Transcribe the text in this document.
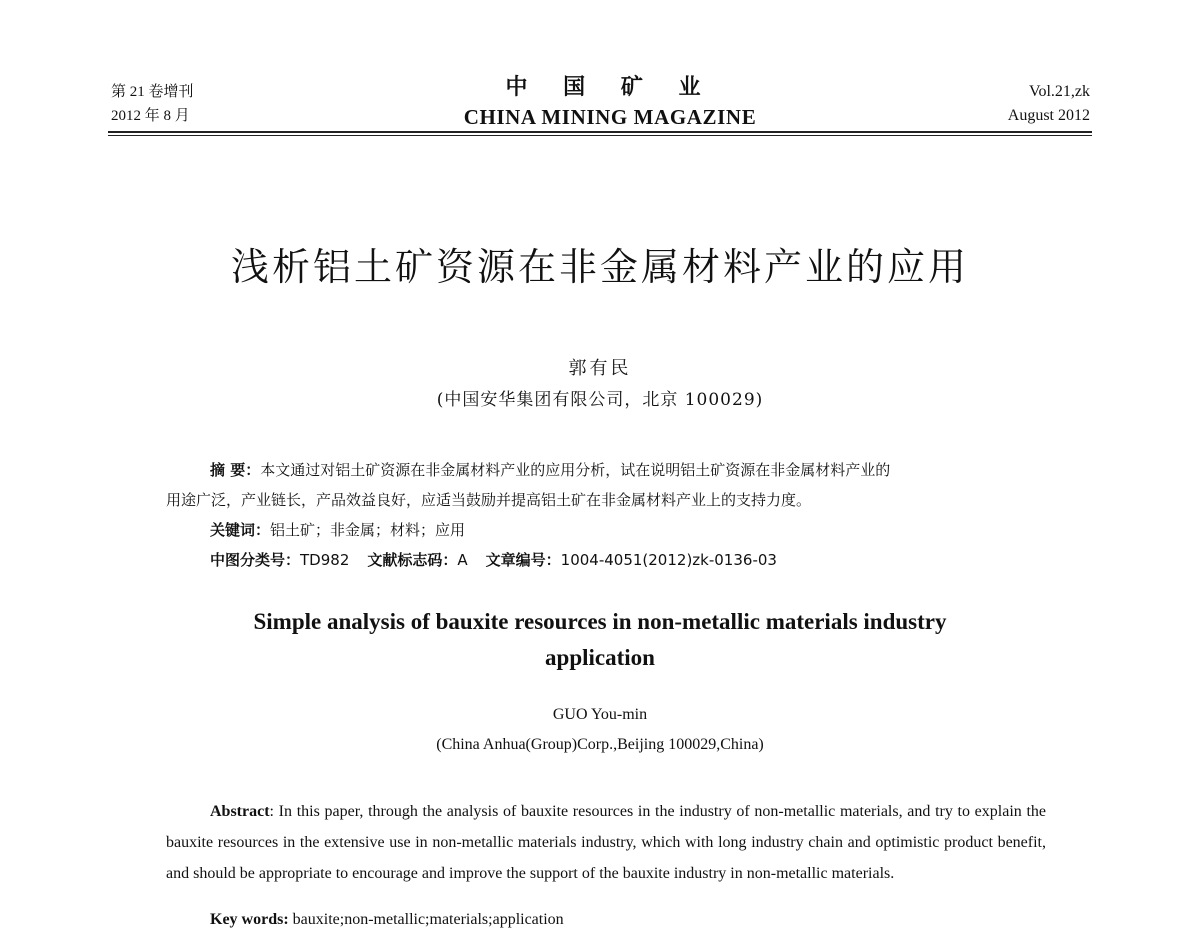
第 21 卷增刊
2012 年 8 月
中 国 矿 业
CHINA MINING MAGAZINE
Vol.21,zk
August 2012
浅析铝土矿资源在非金属材料产业的应用
郭有民
(中国安华集团有限公司，北京 100029)
摘 要：本文通过对铝土矿资源在非金属材料产业的应用分析，试在说明铝土矿资源在非金属材料产业的
用途广泛，产业链长，产品效益良好，应适当鼓励并提高铝土矿在非金属材料产业上的支持力度。
关键词：铝土矿；非金属；材料；应用
中图分类号：TD982 文献标志码：A 文章编号：1004-4051(2012)zk-0136-03
Simple analysis of bauxite resources in non-metallic materials industry
application
GUO You-min
(China Anhua(Group)Corp.,Beijing 100029,China)

Abstract: In this paper, through the analysis of bauxite resources in the industry of non-metallic materials, and try to explain the bauxite resources in the extensive use in non-metallic materials industry, which with long industry chain and optimistic product benefit, and should be appropriate to encourage and improve the support of the bauxite industry in non-metallic materials.

Key words: bauxite;non-metallic;materials;application
